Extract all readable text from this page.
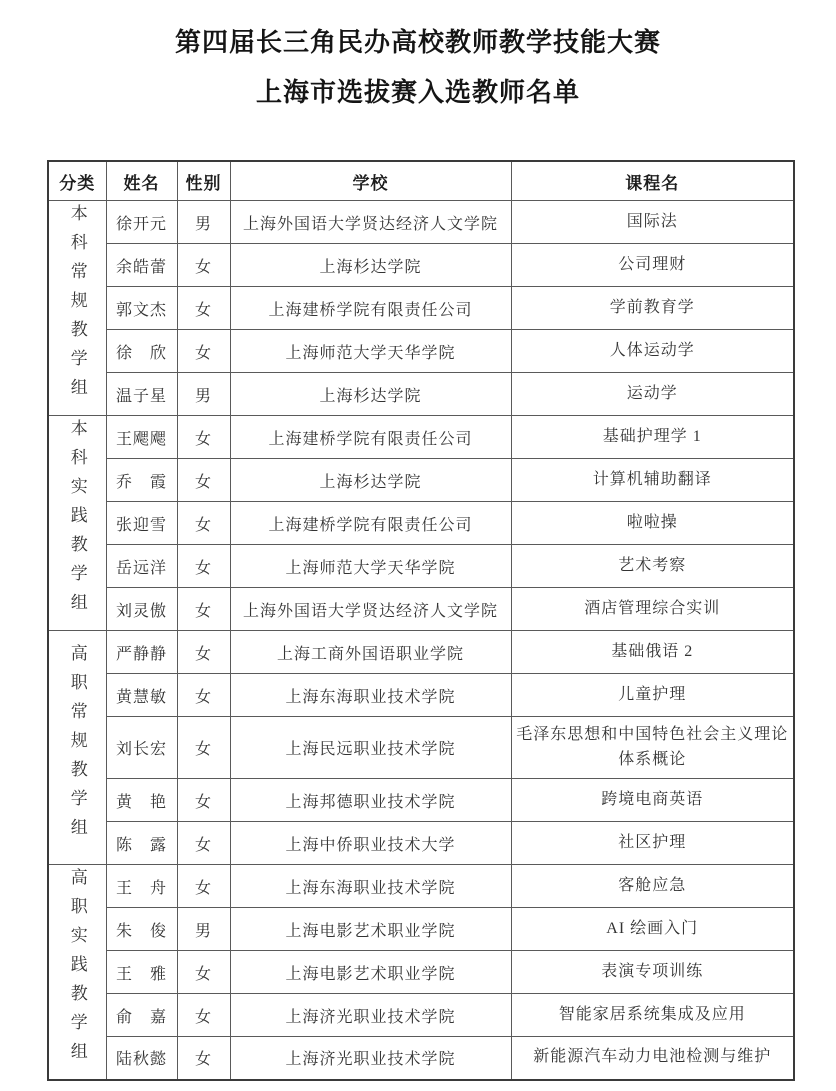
第四届长三角民办高校教师教学技能大赛
上海市选拔赛入选教师名单
分类	姓名	性别	学校	课程名
本科常规教学组	徐开元	男	上海外国语大学贤达经济人文学院	国际法
	余皓蕾	女	上海杉达学院	公司理财
	郭文杰	女	上海建桥学院有限责任公司	学前教育学
	徐　欣	女	上海师范大学天华学院	人体运动学
	温子星	男	上海杉达学院	运动学
本科实践教学组	王飔飔	女	上海建桥学院有限责任公司	基础护理学 1
	乔　霞	女	上海杉达学院	计算机辅助翻译
	张迎雪	女	上海建桥学院有限责任公司	啦啦操
	岳远洋	女	上海师范大学天华学院	艺术考察
	刘灵傲	女	上海外国语大学贤达经济人文学院	酒店管理综合实训
高职常规教学组	严静静	女	上海工商外国语职业学院	基础俄语 2
	黄慧敏	女	上海东海职业技术学院	儿童护理
	刘长宏	女	上海民远职业技术学院	毛泽东思想和中国特色社会主义理论体系概论
	黄　艳	女	上海邦德职业技术学院	跨境电商英语
	陈　露	女	上海中侨职业技术大学	社区护理
高职实践教学组	王　舟	女	上海东海职业技术学院	客舱应急
	朱　俊	男	上海电影艺术职业学院	AI 绘画入门
	王　雅	女	上海电影艺术职业学院	表演专项训练
	俞　嘉	女	上海济光职业技术学院	智能家居系统集成及应用
	陆秋懿	女	上海济光职业技术学院	新能源汽车动力电池检测与维护
